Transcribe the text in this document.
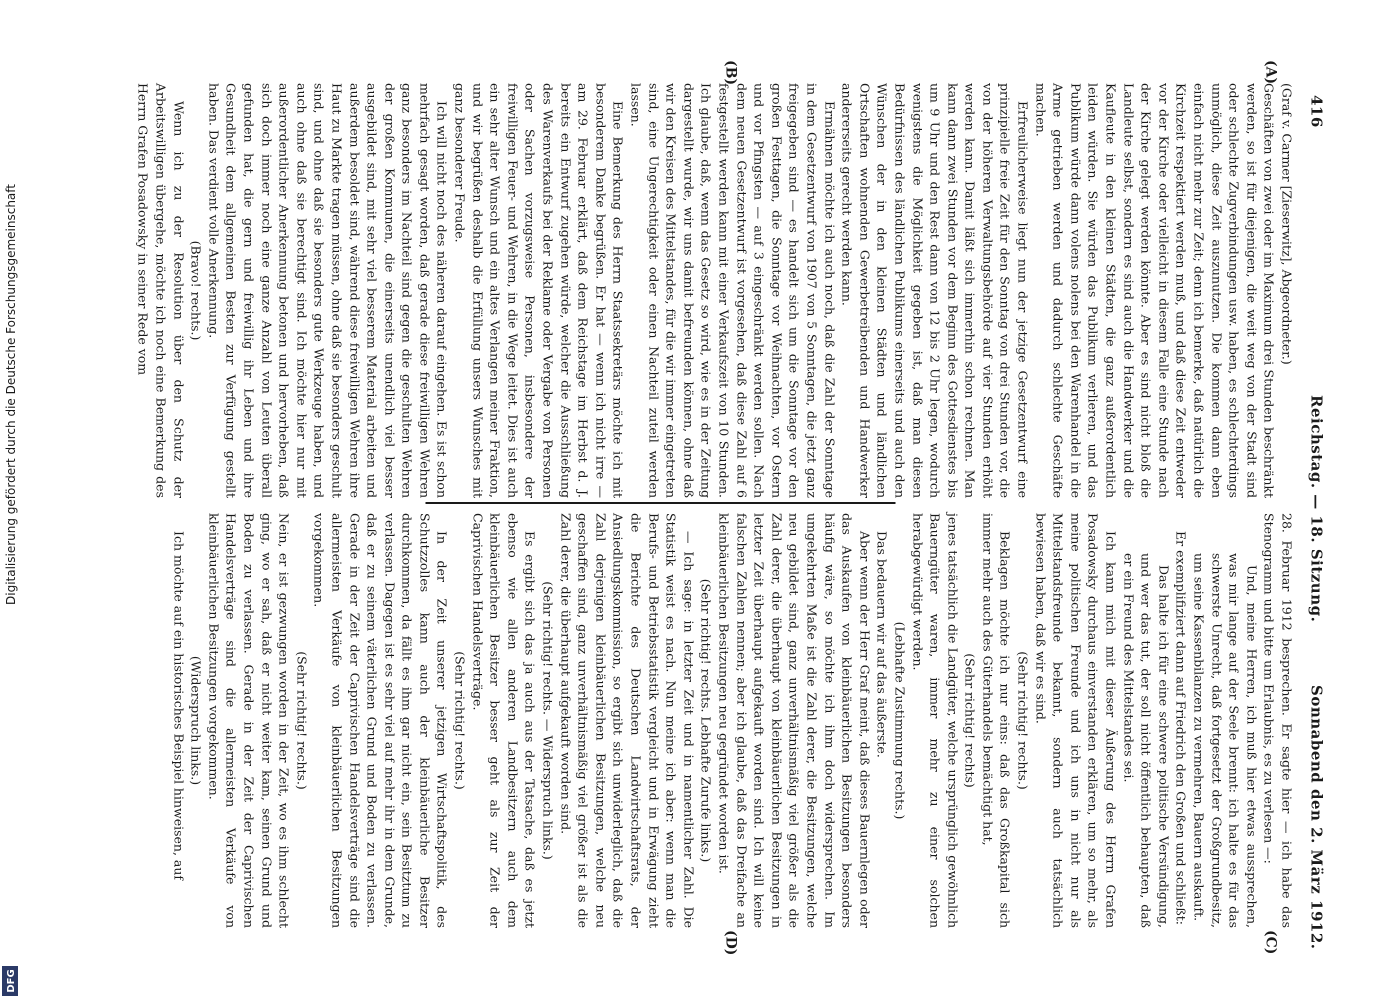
416
Reichstag. — 18. Sitzung.
Sonnabend den 2. März 1912.
(A)
(B)
(C)
(D)

(Graf v. Carmer [Zieserwitz], Abgeordneter.)

Geschäften von zwei oder im Maximum drei Stunden beschränkt werden, so ist für diejenigen, die weit weg von der Stadt sind oder schlechte Zugverbindungen usw. haben, es schlechterdings unmöglich, diese Zeit auszunutzen. Die kommen dann eben einfach nicht mehr zur Zeit; denn ich bemerke, daß natürlich die Kirchzeit respektiert werden muß, und daß diese Zeit entweder vor der Kirche oder vielleicht in diesem Falle eine Stunde nach der Kirche gelegt werden könnte. Aber es sind nicht bloß die Landleute selbst, sondern es sind auch die Handwerker und die Kaufleute in den kleinen Städten, die ganz außerordentlich leiden würden. Sie würden das Publikum verlieren, und das Publikum würde dann volens nolens bei den Warenhandel in die Arme getrieben werden und dadurch schlechte Geschäfte machen.

Erfreulicherweise liegt nun der jetzige Gesetzentwurf eine prinzipielle freie Zeit für den Sonntag von drei Stunden vor, die von der höheren Verwaltungsbehörde auf vier Stunden erhöht werden kann. Damit läßt sich immerhin schon rechnen. Man kann dann zwei Stunden vor dem Beginn des Gottesdienstes bis um 9 Uhr und den Rest dann von 12 bis 2 Uhr legen, wodurch wenigstens die Möglichkeit gegeben ist, daß man diesen Bedürfnissen des ländlichen Publikums einerseits und auch den Wünschen der in den kleinen Städten und ländlichen Ortschaften wohnenden Gewerbetreibenden und Handwerker andererseits gerecht werden kann.

Ermähnen möchte ich auch noch, daß die Zahl der Sonntage in dem Gesetzentwurf von 1907 von 5 Sonntagen, die jetzt ganz freigegeben sind — es handelt sich um die Sonntage vor den großen Festtagen, die Sonntage vor Weihnachten, vor Ostern und vor Pfingsten — auf 3 eingeschränkt werden sollen. Nach dem neuen Gesetzentwurf ist vorgesehen, daß diese Zahl auf 6 festgestellt werden kann mit einer Verkaufszeit von 10 Stunden. Ich glaube, daß, wenn das Gesetz so wird, wie es in der Zeitung dargestellt wurde, wir uns damit befreunden können, ohne daß wir den Kreisen des Mittelstandes, für die wir immer eingetreten sind, eine Ungerechtigkeit oder einen Nachteil zuteil werden lassen.

Eine Bemerkung des Herrn Staatssekretärs möchte ich mit besonderem Danke begrüßen. Er hat — wenn ich nicht irre — am 29. Februar erklärt, daß dem Reichstage im Herbst d. J. bereits ein Entwurf zugehen würde, welcher die Ausschließung des Warenverkaufs bei der Reklame oder Vergabe von Personen oder Sachen vorzugsweise Personen, insbesondere der freiwilligen Feuer- und Wehren, in die Wege leitet. Dies ist auch ein sehr alter Wunsch und ein altes Verlangen meiner Fraktion, und wir begrüßen deshalb die Erfüllung unsers Wunsches mit ganz besonderer Freude.

Ich will nicht noch des näheren darauf eingehen. Es ist schon mehrfach gesagt worden, daß gerade diese freiwilligen Wehren ganz besonders im Nachteil sind gegen die geschulten Wehren der großen Kommunen, die einerseits unendlich viel besser ausgebildet sind, mit sehr viel besserem Material arbeiten und außerdem besoldet sind, während diese freiwilligen Wehren ihre Haut zu Markte tragen müssen, ohne daß sie besonders geschult sind, und ohne daß sie besonders gute Werkzeuge haben, und auch ohne daß sie berechtigt sind. Ich möchte hier nur mit außerordentlicher Anerkennung betonen und hervorheben, daß sich doch immer noch eine ganze Anzahl von Leuten überall gefunden hat, die gern und freiwillig ihr Leben und ihre Gesundheit dem allgemeinen Besten zur Verfügung gestellt haben. Das verdient volle Anerkennung.

(Bravo! rechts.)

Wenn ich zu der Resolution über den Schutz der Arbeitswilligen übergehe, möchte ich noch eine Bemerkung des Herrn Grafen Posadowsky in seiner Rede vom

28. Februar 1912 besprechen. Er sagte hier — ich habe das Stenogramm und bitte um Erlaubnis, es zu verlesen —:

Und, meine Herren, ich muß hier etwas aussprechen, was mir lange auf der Seele brennt: ich halte es für das schwerste Unrecht, daß fortgesetzt der Großgrundbesitz, um seine Kassenbilanzen zu vermehren, Bauern auskauft.

Er exemplifiziert dann auf Friedrich den Großen und schließt:

Das halte ich für eine schwere politische Versündigung, und wer das tut, der soll nicht öffentlich behaupten, daß er ein Freund des Mittelstandes sei.

Ich kann mich mit dieser Äußerung des Herrn Grafen Posadowsky durchaus einverstanden erklären, um so mehr, als meine politischen Freunde und ich uns in nicht nur als Mittelstandsfreunde bekannt, sondern auch tatsächlich bewiesen haben, daß wir es sind.

(Sehr richtig! rechts.)

Beklagen möchte ich nur eins: daß das Großkapital sich immer mehr auch des Güterhandels bemächtigt hat,

(Sehr richtig! rechts)

jenes tatsächlich die Landgüter, welche ursprünglich gewöhnlich Bauerngüter waren, immer mehr zu einer solchen herabgewürdigt werden.

(Lebhafte Zustimmung rechts.)

Das bedauern wir auf das äußerste.

Aber wenn der Herr Graf meint, daß dieses Bauernlegen oder das Auskaufen von kleinbäuerlichen Besitzungen besonders häufig wäre, so möchte ich ihm doch widersprechen. Im umgekehrten Maße ist die Zahl derer, die Besitzungen, welche neu gebildet sind, ganz unverhältnismäßig viel größer als die Zahl derer, die überhaupt von kleinbäuerlichen Besitzungen in letzter Zeit überhaupt aufgekauft worden sind. Ich will keine falschen Zahlen nennen; aber ich glaube, daß das Dreifache an kleinbäuerlichen Besitzungen neu gegründet worden ist.

(Sehr richtig! rechts. Lebhafte Zurufe links.)

— Ich sage: in letzter Zeit und in namentlicher Zahl. Die Statistik weist es nach. Nun meine ich aber: wenn man die Berufs- und Betriebsstatistik vergleicht und in Erwägung zieht die Berichte des Deutschen Landwirtschaftsrats, der Ansiedlungskommission, so ergibt sich unwiderleglich, daß die Zahl derjenigen kleinbäuerlichen Besitzungen, welche neu geschaffen sind, ganz unverhältnismäßig viel größer ist als die Zahl derer, die überhaupt aufgekauft worden sind.

(Sehr richtig! rechts. — Widerspruch links.)

Es ergibt sich das ja auch aus der Tatsache, daß es jetzt ebenso wie allen anderen Landbesitzern auch dem kleinbäuerlichen Besitzer besser geht als zur Zeit der Caprivischen Handelsverträge.

(Sehr richtig! rechts.)

In der Zeit unserer jetzigen Wirtschaftspolitik, des Schutzzolles kann auch der kleinbäuerliche Besitzer durchkommen, da fällt es ihm gar nicht ein, sein Besitztum zu verlassen. Dagegen ist es sehr viel auf mehr ihr in dem Grunde, daß er zu seinem väterlichen Grund und Boden zu verlassen. Gerade in der Zeit der Caprivischen Handelsverträge sind die allermeisten Verkäufe von kleinbäuerlichen Besitzungen vorgekommen.

(Sehr richtig! rechts.)

Nein, er ist gezwungen worden in der Zeit, wo es ihm schlecht ging, wo er sah, daß er nicht weiter kam, seinen Grund und Boden zu verlassen. Gerade in der Zeit der Caprivischen Handelsverträge sind die allermeisten Verkäufe von kleinbäuerlichen Besitzungen vorgekommen.

(Widerspruch links.)

Ich möchte auf ein historisches Beispiel hinweisen, auf

Digitalisierung gefördert durch die Deutsche Forschungsgemeinschaft
DFG
